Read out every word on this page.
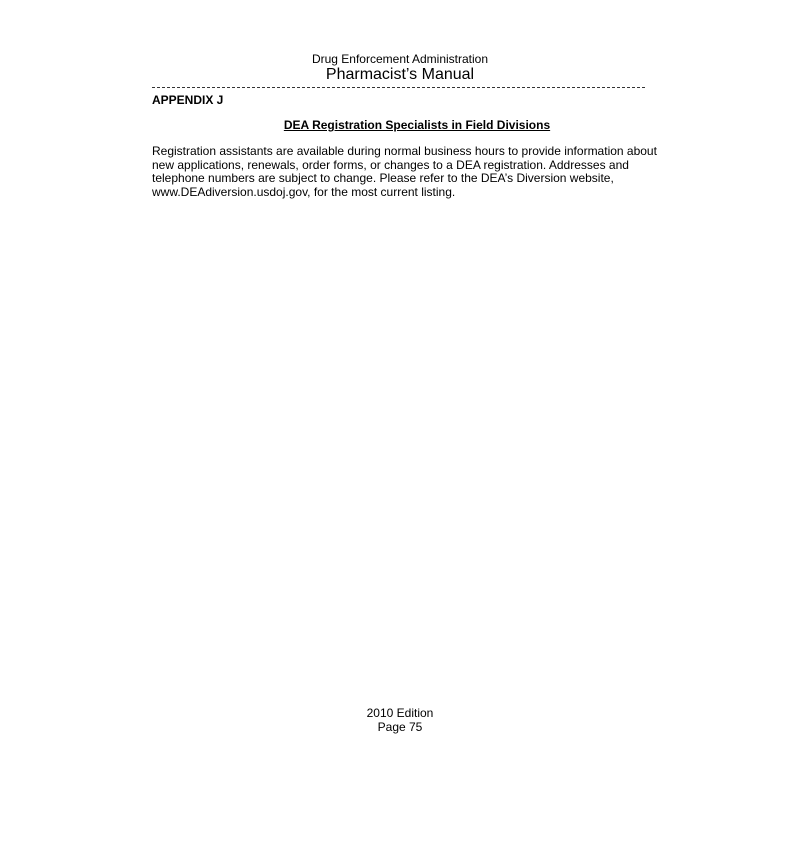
Drug Enforcement Administration
Pharmacist’s Manual
APPENDIX J
DEA Registration Specialists in Field Divisions
Registration assistants are available during normal business hours to provide information about
new applications, renewals, order forms, or changes to a DEA registration. Addresses and
telephone numbers are subject to change. Please refer to the DEA’s Diversion website,
www.DEAdiversion.usdoj.gov, for the most current listing.
2010 Edition
Page 75
